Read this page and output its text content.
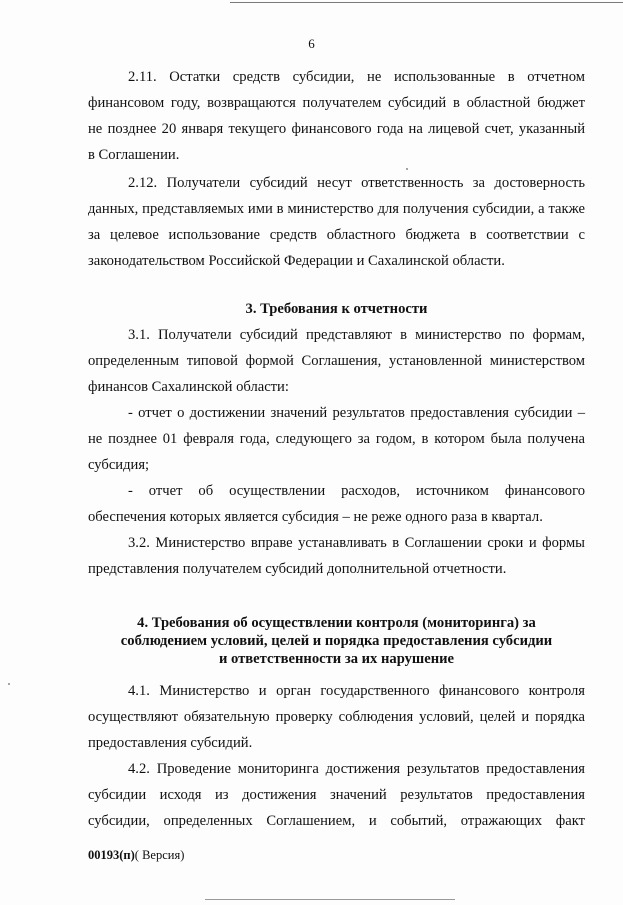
6
2.11. Остатки средств субсидии, не использованные в отчетном
финансовом году, возвращаются получателем субсидий в областной бюджет
не позднее 20 января текущего финансового года на лицевой счет, указанный
в Соглашении.
2.12. Получатели субсидий несут ответственность за достоверность
данных, представляемых ими в министерство для получения субсидии, а также
за целевое использование средств областного бюджета в соответствии с
законодательством Российской Федерации и Сахалинской области.
3. Требования к отчетности
3.1. Получатели субсидий представляют в министерство по формам,
определенным типовой формой Соглашения, установленной министерством
финансов Сахалинской области:
- отчет о достижении значений результатов предоставления субсидии –
не позднее 01 февраля года, следующего за годом, в котором была получена
субсидия;
- отчет об осуществлении расходов, источником финансового
обеспечения которых является субсидия – не реже одного раза в квартал.
3.2. Министерство вправе устанавливать в Соглашении сроки и формы
представления получателем субсидий дополнительной отчетности.
4. Требования об осуществлении контроля (мониторинга) за
соблюдением условий, целей и порядка предоставления субсидии
и ответственности за их нарушение
4.1. Министерство и орган государственного финансового контроля
осуществляют обязательную проверку соблюдения условий, целей и порядка
предоставления субсидий.
4.2. Проведение мониторинга достижения результатов предоставления
субсидии исходя из достижения значений результатов предоставления
субсидии, определенных Соглашением, и событий, отражающих факт
00193(п)( Версия)
